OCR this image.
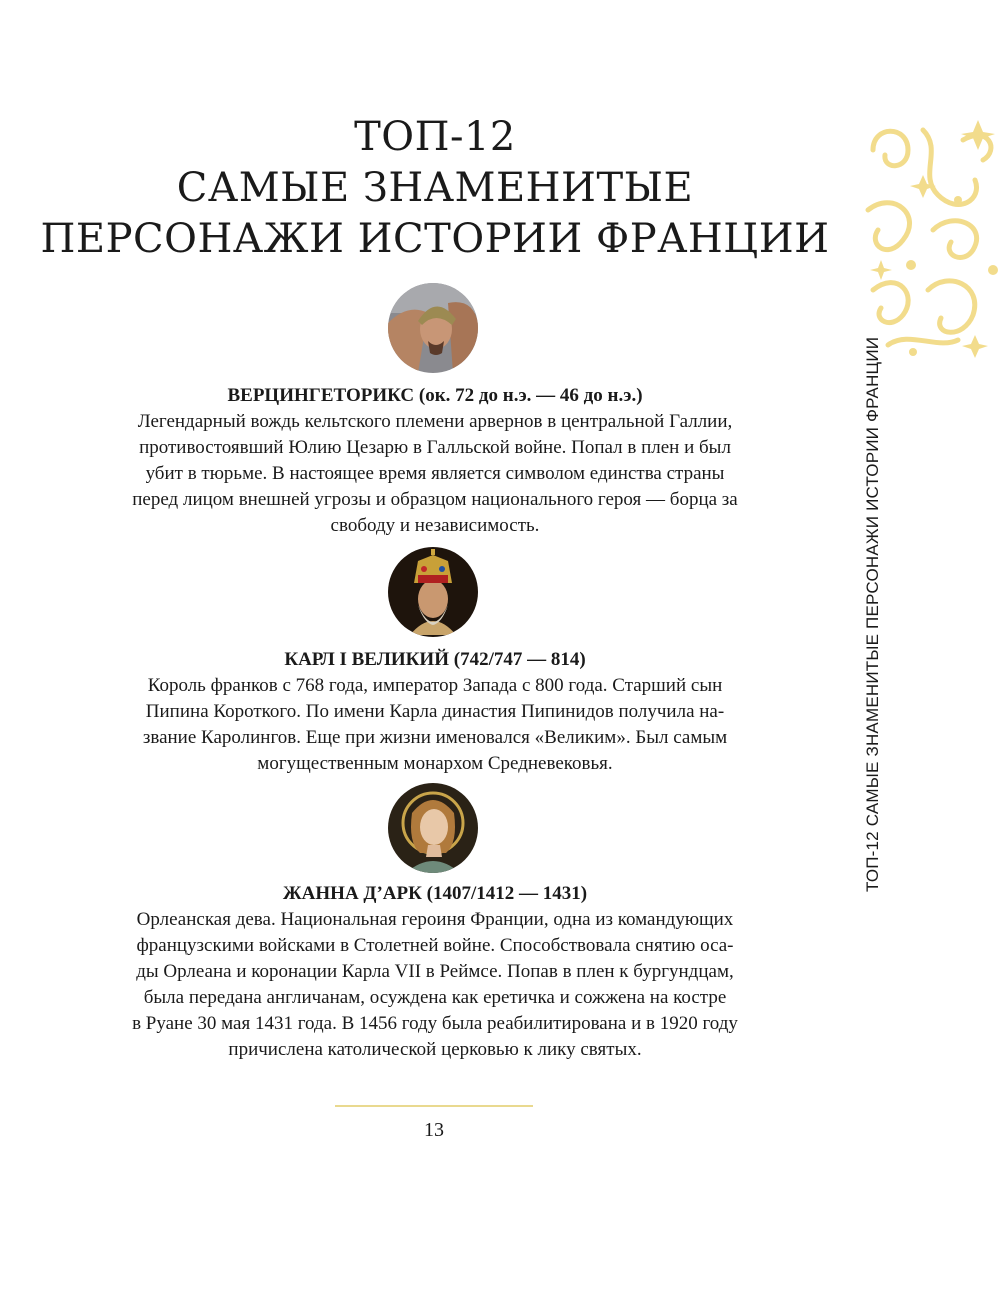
ТОП-12
САМЫЕ ЗНАМЕНИТЫЕ
ПЕРСОНАЖИ ИСТОРИИ ФРАНЦИИ
ТОП-12 САМЫЕ ЗНАМЕНИТЫЕ ПЕРСОНАЖИ ИСТОРИИ ФРАНЦИИ
ВЕРЦИНГЕТОРИКС (ок. 72 до н.э. — 46 до н.э.)

Легендарный вождь кельтского племени арвернов в центральной Галлии,
противостоявший Юлию Цезарю в Галльской войне. Попал в плен и был
убит в тюрьме. В настоящее время является символом единства страны
перед лицом внешней угрозы и образцом национального героя — борца за
свободу и независимость.

КАРЛ I ВЕЛИКИЙ (742/747 — 814)

Король франков с 768 года, император Запада с 800 года. Старший сын
Пипина Короткого. По имени Карла династия Пипинидов получила на-
звание Каролингов. Еще при жизни именовался «Великим». Был самым
могущественным монархом Средневековья.

ЖАННА Д’АРК (1407/1412 — 1431)

Орлеанская дева. Национальная героиня Франции, одна из командующих
французскими войсками в Столетней войне. Способствовала снятию оса-
ды Орлеана и коронации Карла VII в Реймсе. Попав в плен к бургундцам,
была передана англичанам, осуждена как еретичка и сожжена на костре
в Руане 30 мая 1431 года. В 1456 году была реабилитирована и в 1920 году
причислена католической церковью к лику святых.

13
